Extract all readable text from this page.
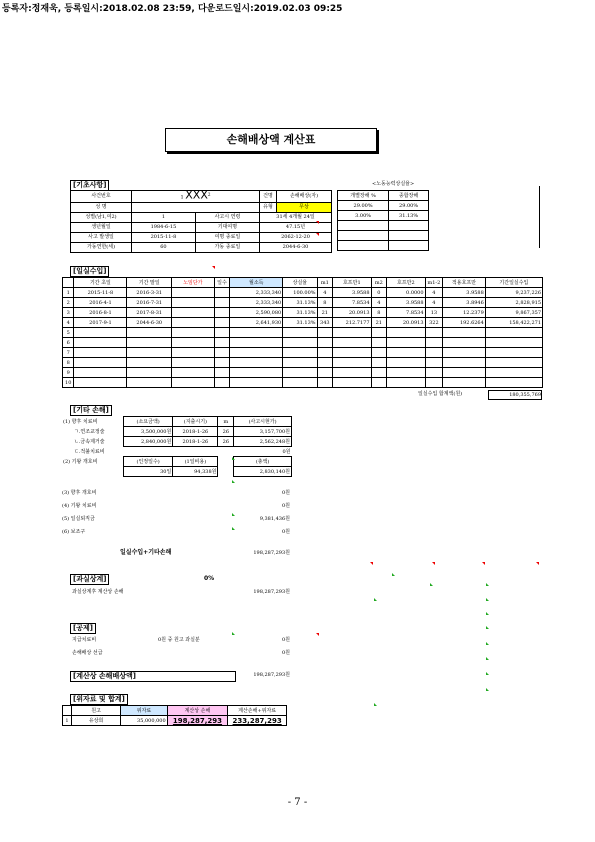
등록자:정재욱, 등록일시:2018.02.08 23:59, 다운로드일시:2019.02.03 09:25
손해배상액 계산표
[기초사항]	<노동능력상실율>
사건번호	1 XXX$^2$		건명	손해배상(자)
성 명			유형	무상
성별(남1,여2)	1	사고시 연령	31세 4개월 24일	
생년월일	1984-6-15	기대여명	47.15년	
사고 발생일	2015-11-8	여명 종료일	2062-12-20	
가동연한(세)	60	가동 종료일	2044-6-30	
개별장해 %	종합장해
29.00%	29.00%
3.00%	31.13%

[일실수입]
	기간 초일	기간 말일	노임단가	일수	월소득	상실율	m1	호프만1	m2	호프만2	m1-2	적용호프만	기간일실수입
1	2015-11-8	2016-3-31			2,333,340	100.00%	4	3.9588	0	0.0000	4	3.9588	9,237,226
2	2016-4-1	2016-7-31			2,333,340	31.13%	8	7.8534	4	3.9588	4	3.8946	2,828,915
3	2016-8-1	2017-8-31			2,590,080	31.13%	21	20.0913	8	7.8534	13	12.2379	9,867,357
4	2017-9-1	2044-6-30			2,641,930	31.13%	343	212.7177	21	20.0913	322	192.6264	158,422,271
5													
6													
7													
8													
9													
10													
일실수입 합계액(원)	180,355,769
[기타 손해]
(1) 향후 치료비	(소요금액)	(지출시기)	m	(사고시현가)
ㄱ.연조교정술	3,500,000원	2018-1-26	26	3,157,700원
ㄴ.금속제거술	2,840,000원	2018-1-26	26	2,562,248원
ㄷ.적불치료비				0원
(2) 기왕 개호비	(인정일수)	(1일비용)		(총액)
	30일	94,338원		2,830,140원
(3) 향후 개호비	0원
(4) 기왕 치료비	0원
(5) 일실퇴직금	9,381,436원
(6) 보조구	0원
일실수입+기타손해	198,287,293원
[과실상계]	0%
과실상계후 계산상 손해	198,287,293원
[공제]
지급치료비	0원 중 원고 과실분	0원
손해배상 선급	0원
[계산상 손해배상액]	198,287,293원
[위자료 및 합계]
	원고	위자료	계산상 손해	계산손해+위자료
1	유상희	35,000,000	198,287,293	233,287,293
- 7 -
